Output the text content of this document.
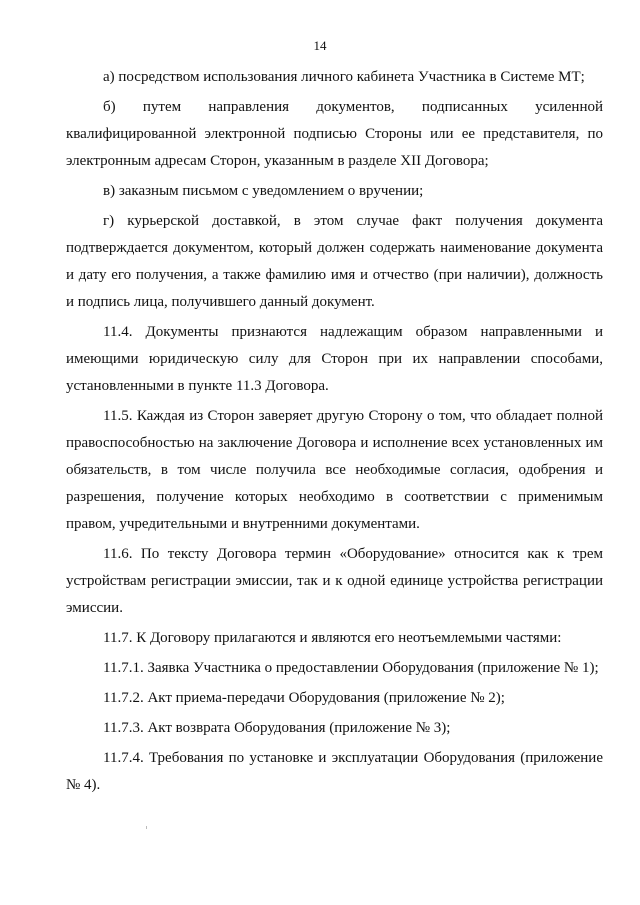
14

а) посредством использования личного кабинета Участника в Системе МТ;

б) путем направления документов, подписанных усиленной квалифицированной электронной подписью Стороны или ее представителя, по электронным адресам Сторон, указанным в разделе XII Договора;

в) заказным письмом с уведомлением о вручении;

г) курьерской доставкой, в этом случае факт получения документа подтверждается документом, который должен содержать наименование документа и дату его получения, а также фамилию имя и отчество (при наличии), должность и подпись лица, получившего данный документ.

11.4. Документы признаются надлежащим образом направленными и имеющими юридическую силу для Сторон при их направлении способами, установленными в пункте 11.3 Договора.

11.5. Каждая из Сторон заверяет другую Сторону о том, что обладает полной правоспособностью на заключение Договора и исполнение всех установленных им обязательств, в том числе получила все необходимые согласия, одобрения и разрешения, получение которых необходимо в соответствии с применимым правом, учредительными и внутренними документами.

11.6. По тексту Договора термин «Оборудование» относится как к трем устройствам регистрации эмиссии, так и к одной единице устройства регистрации эмиссии.

11.7. К Договору прилагаются и являются его неотъемлемыми частями:

11.7.1. Заявка Участника о предоставлении Оборудования (приложение № 1);

11.7.2. Акт приема-передачи Оборудования (приложение № 2);

11.7.3. Акт возврата Оборудования (приложение № 3);

11.7.4. Требования по установке и эксплуатации Оборудования (приложение № 4).
